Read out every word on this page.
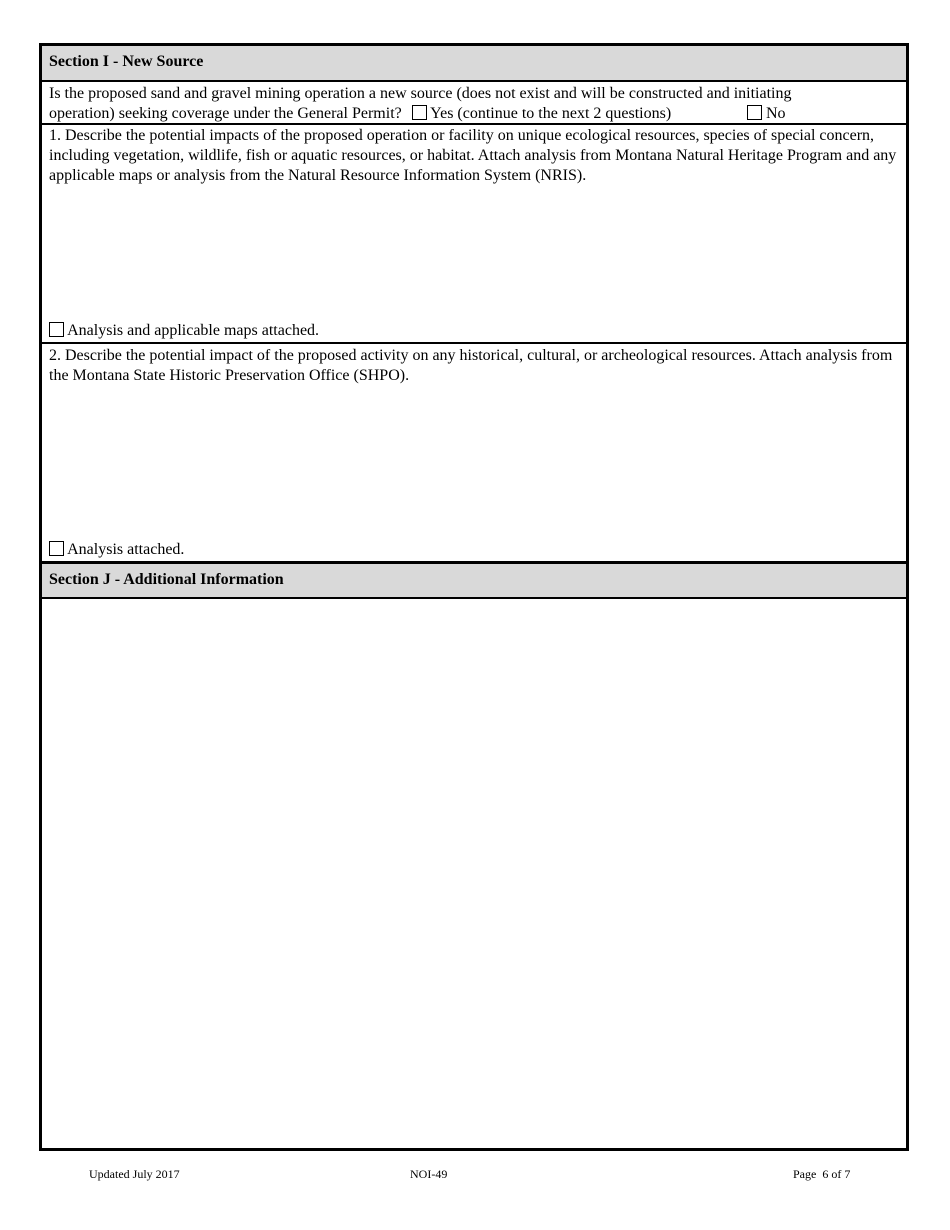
Section I - New Source
Is the proposed sand and gravel mining operation a new source (does not exist and will be constructed and initiating
operation) seeking coverage under the General Permit? Yes (continue to the next 2 questions)	No
1. Describe the potential impacts of the proposed operation or facility on unique ecological resources, species of special concern, including vegetation, wildlife, fish or aquatic resources, or habitat. Attach analysis from Montana Natural Heritage Program and any applicable maps or analysis from the Natural Resource Information System (NRIS).
Analysis and applicable maps attached.
2. Describe the potential impact of the proposed activity on any historical, cultural, or archeological resources. Attach analysis from the Montana State Historic Preservation Office (SHPO).
Analysis attached.
Section J - Additional Information
Updated July 2017	NOI-49	Page  6 of 7
